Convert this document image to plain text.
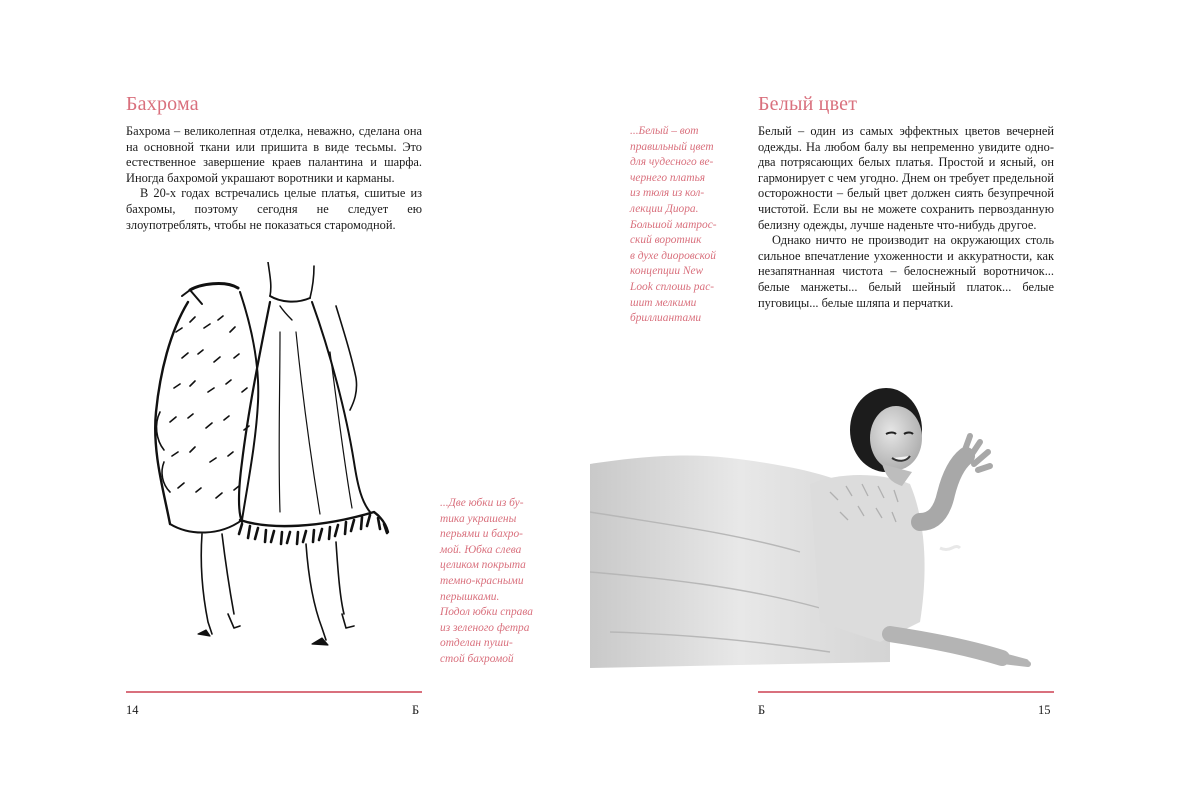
Бахрома

Бахрома – великолепная отделка, неважно, сделана она на основной ткани или пришита в виде тесьмы. Это естественное завершение краев палантина и шарфа. Иногда бахромой украшают воротники и карманы.

В 20-х годах встречались целые платья, сшитые из бахромы, поэтому сегодня не следует ею злоупотреблять, чтобы не показаться старомодной.

...Две юбки из бу-
тика украшены
перьями и бахро-
мой. Юбка слева
целиком покрыта
темно-красными
перышками.
Подол юбки справа
из зеленого фетра
отделан пуши-
стой бахромой

14	Б

...Белый – вот
правильный цвет
для чудесного ве-
чернего платья
из тюля из кол-
лекции Диора.
Большой матрос-
ский воротник
в духе диоровской
концепции New
Look сплошь рас-
шит мелкими
бриллиантами
Белый цвет

Белый – один из самых эффектных цветов вечерней одежды. На любом балу вы непременно увидите одно-два потрясающих белых платья. Простой и ясный, он гармонирует с чем угодно. Днем он требует предельной осторожности – белый цвет должен сиять безупречной чистотой. Если вы не можете сохранить первозданную белизну одежды, лучше наденьте что-нибудь другое.

Однако ничто не производит на окружающих столь сильное впечатление ухоженности и аккуратности, как незапятнанная чистота – белоснежный воротничок... белые манжеты... белый шейный платок... белые пуговицы... белые шляпа и перчатки.

Б	15
